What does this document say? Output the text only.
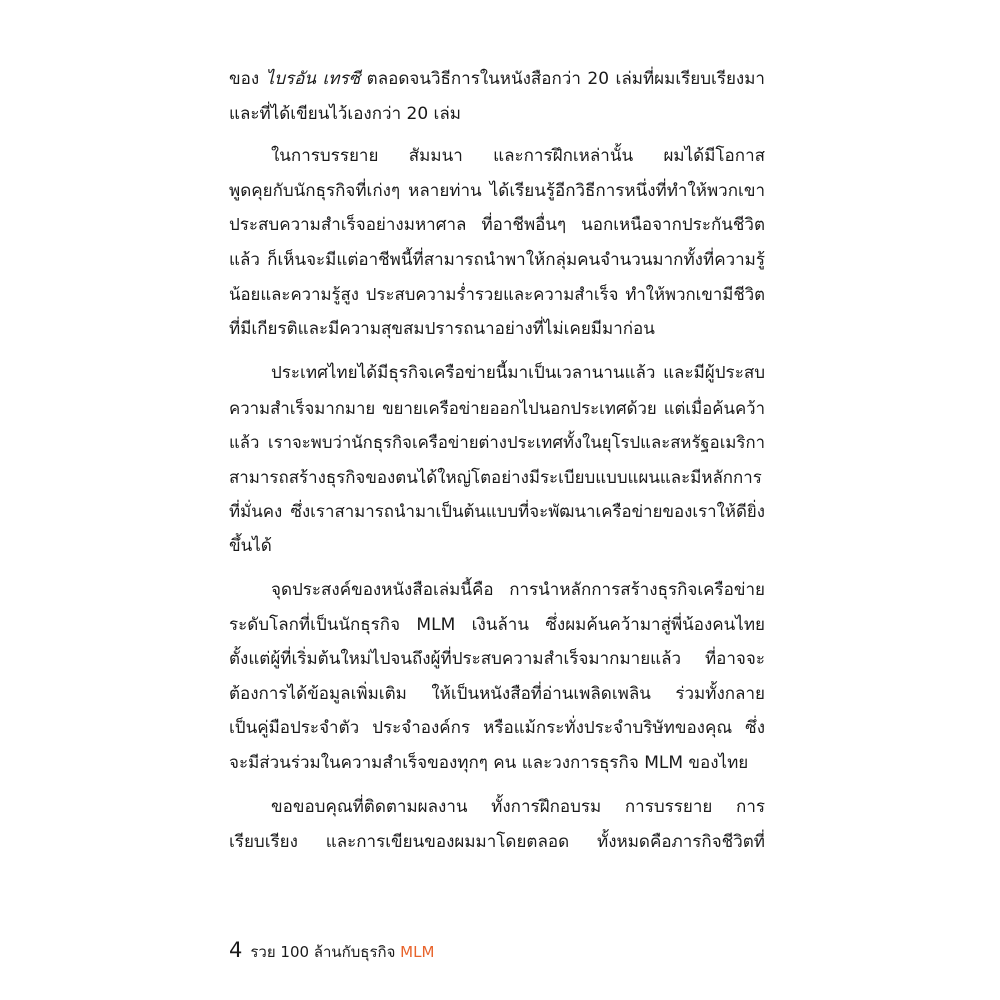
ของ ไบรอัน เทรซี ตลอดจนวิธีการในหนังสือกว่า 20 เล่มที่ผมเรียบเรียงมา
และที่ได้เขียนไว้เองกว่า 20 เล่ม
ในการบรรยาย สัมมนา และการฝึกเหล่านั้น ผมได้มีโอกาส
พูดคุยกับนักธุรกิจที่เก่งๆ หลายท่าน ได้เรียนรู้อีกวิธีการหนึ่งที่ทำให้พวกเขา
ประสบความสำเร็จอย่างมหาศาล ที่อาชีพอื่นๆ นอกเหนือจากประกันชีวิต
แล้ว ก็เห็นจะมีแต่อาชีพนี้ที่สามารถนำพาให้กลุ่มคนจำนวนมากทั้งที่ความรู้
น้อยและความรู้สูง ประสบความร่ำรวยและความสำเร็จ ทำให้พวกเขามีชีวิต
ที่มีเกียรติและมีความสุขสมปรารถนาอย่างที่ไม่เคยมีมาก่อน
ประเทศไทยได้มีธุรกิจเครือข่ายนี้มาเป็นเวลานานแล้ว และมีผู้ประสบ
ความสำเร็จมากมาย ขยายเครือข่ายออกไปนอกประเทศด้วย แต่เมื่อค้นคว้า
แล้ว เราจะพบว่านักธุรกิจเครือข่ายต่างประเทศทั้งในยุโรปและสหรัฐอเมริกา
สามารถสร้างธุรกิจของตนได้ใหญ่โตอย่างมีระเบียบแบบแผนและมีหลักการ
ที่มั่นคง ซึ่งเราสามารถนำมาเป็นต้นแบบที่จะพัฒนาเครือข่ายของเราให้ดียิ่ง
ขึ้นได้
จุดประสงค์ของหนังสือเล่มนี้คือ การนำหลักการสร้างธุรกิจเครือข่าย
ระดับโลกที่เป็นนักธุรกิจ MLM เงินล้าน ซึ่งผมค้นคว้ามาสู่พี่น้องคนไทย
ตั้งแต่ผู้ที่เริ่มต้นใหม่ไปจนถึงผู้ที่ประสบความสำเร็จมากมายแล้ว ที่อาจจะ
ต้องการได้ข้อมูลเพิ่มเติม ให้เป็นหนังสือที่อ่านเพลิดเพลิน ร่วมทั้งกลาย
เป็นคู่มือประจำตัว ประจำองค์กร หรือแม้กระทั่งประจำบริษัทของคุณ ซึ่ง
จะมีส่วนร่วมในความสำเร็จของทุกๆ คน และวงการธุรกิจ MLM ของไทย
ขอขอบคุณที่ติดตามผลงาน ทั้งการฝึกอบรม การบรรยาย การ
เรียบเรียง และการเขียนของผมมาโดยตลอด ทั้งหมดคือภารกิจชีวิตที่
4 รวย 100 ล้านกับธุรกิจ MLM
